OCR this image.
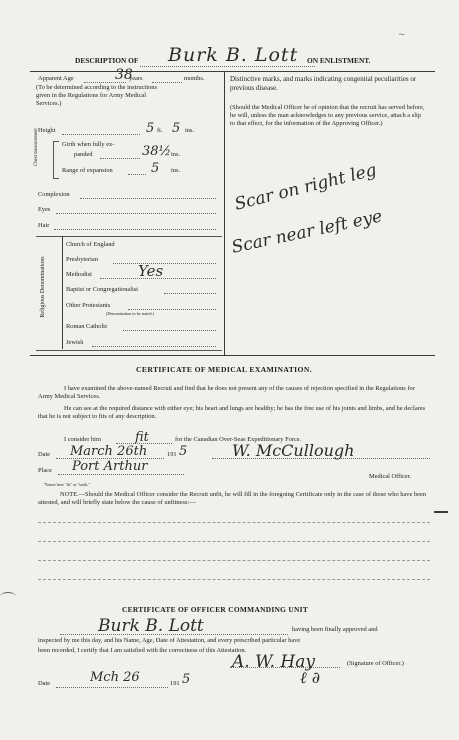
DESCRIPTION OF Burk B. Lott ON ENLISTMENT.
~
Apparent Age	38
years	months.
(To be determined according to the instructions given in the Regulations for Army Medical Services.)
Height	5 ft. 5 ins.
Chest measurement	Girth when fully ex-
panded	38½ ins.
Range of expansion	5 ins.
Complexion
Eyes
Hair
Religious Denominations
Church of England
Presbyterian
Methodist	Yes
Baptist or Congregationalist
Other Protestants
(Denomination to be stated.)
Roman Catholic
Jewish
Distinctive marks, and marks indicating congenital peculiarities or previous disease.
(Should the Medical Officer be of opinion that the recruit has served before, he will, unless the man acknowledges to any previous service, attach a slip to that effect, for the information of the Approving Officer.)
Scar on right leg
Scar near left eye
CERTIFICATE OF MEDICAL EXAMINATION.
I have examined the above-named Recruit and find that he does not present any of the causes of rejection specified in the Regulations for Army Medical Services.
He can see at the required distance with either eye; his heart and lungs are healthy; he has the free use of his joints and limbs, and he declares that he is not subject to fits of any description.
I consider him	fit	for the Canadian Over-Seas Expeditionary Force.
Date March 26th	191 5	W. McCullough
Place Port Arthur
Medical Officer.
*Insert here "fit" or "unfit."
NOTE.—Should the Medical Officer consider the Recruit unfit, he will fill in the foregoing Certificate only in the case of those who have been attested, and will briefly state below the cause of unfitness:—
CERTIFICATE OF OFFICER COMMANDING UNIT
Burk B. Lott	having been finally approved and
inspected by me this day, and his Name, Age, Date of Attestation, and every prescribed particular have
been recorded, I certify that I am satisfied with the correctness of this Attestation.
A. W. Hay	(Signature of Officer.)
Date	Mch 26	191 5	ℓ ∂
